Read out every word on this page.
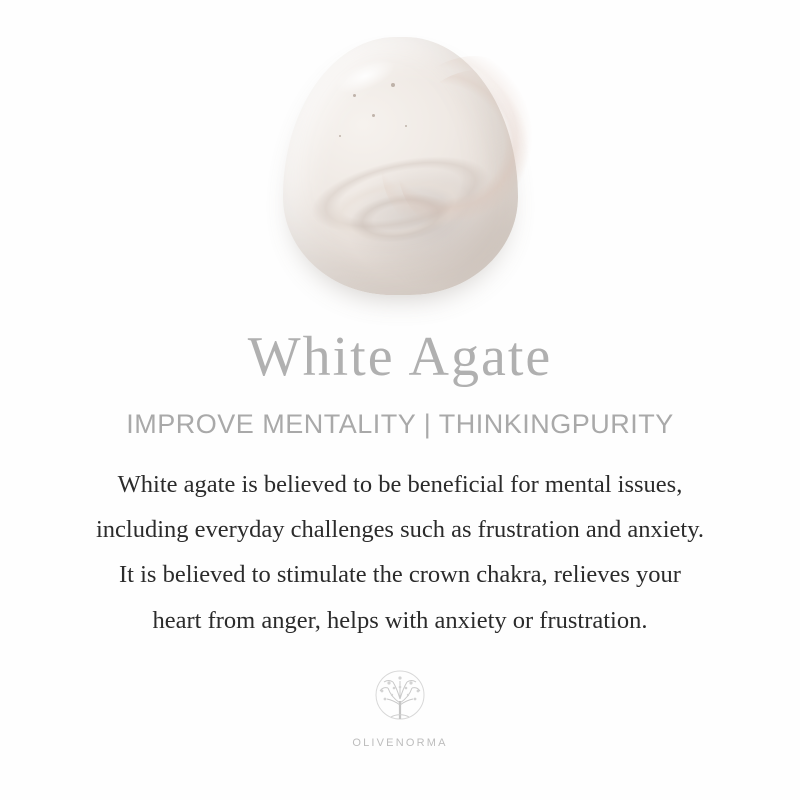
White Agate
IMPROVE MENTALITY | THINKINGPURITY
White agate is believed to be beneficial for mental issues,
including everyday challenges such as frustration and anxiety.
It is believed to stimulate the crown chakra, relieves your
heart from anger, helps with anxiety or frustration.
OLIVENORMA
